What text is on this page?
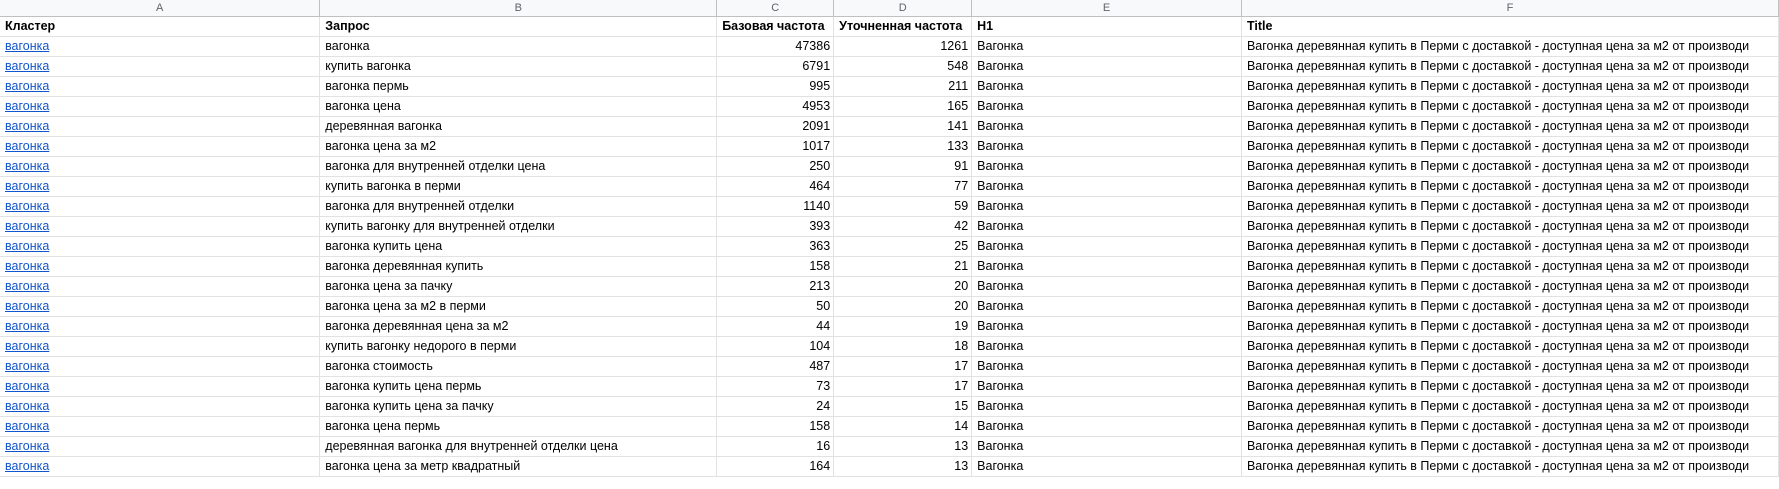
A	B	C	D	E	F
Кластер	Запрос	Базовая частота	Уточненная частота	H1	Title
вагонка	вагонка	47386	1261	Вагонка	Вагонка деревянная купить в Перми с доставкой - доступная цена за м2 от производи
вагонка	купить вагонка	6791	548	Вагонка	Вагонка деревянная купить в Перми с доставкой - доступная цена за м2 от производи
вагонка	вагонка пермь	995	211	Вагонка	Вагонка деревянная купить в Перми с доставкой - доступная цена за м2 от производи
вагонка	вагонка цена	4953	165	Вагонка	Вагонка деревянная купить в Перми с доставкой - доступная цена за м2 от производи
вагонка	деревянная вагонка	2091	141	Вагонка	Вагонка деревянная купить в Перми с доставкой - доступная цена за м2 от производи
вагонка	вагонка цена за м2	1017	133	Вагонка	Вагонка деревянная купить в Перми с доставкой - доступная цена за м2 от производи
вагонка	вагонка для внутренней отделки цена	250	91	Вагонка	Вагонка деревянная купить в Перми с доставкой - доступная цена за м2 от производи
вагонка	купить вагонка в перми	464	77	Вагонка	Вагонка деревянная купить в Перми с доставкой - доступная цена за м2 от производи
вагонка	вагонка для внутренней отделки	1140	59	Вагонка	Вагонка деревянная купить в Перми с доставкой - доступная цена за м2 от производи
вагонка	купить вагонку для внутренней отделки	393	42	Вагонка	Вагонка деревянная купить в Перми с доставкой - доступная цена за м2 от производи
вагонка	вагонка купить цена	363	25	Вагонка	Вагонка деревянная купить в Перми с доставкой - доступная цена за м2 от производи
вагонка	вагонка деревянная купить	158	21	Вагонка	Вагонка деревянная купить в Перми с доставкой - доступная цена за м2 от производи
вагонка	вагонка цена за пачку	213	20	Вагонка	Вагонка деревянная купить в Перми с доставкой - доступная цена за м2 от производи
вагонка	вагонка цена за м2 в перми	50	20	Вагонка	Вагонка деревянная купить в Перми с доставкой - доступная цена за м2 от производи
вагонка	вагонка деревянная цена за м2	44	19	Вагонка	Вагонка деревянная купить в Перми с доставкой - доступная цена за м2 от производи
вагонка	купить вагонку недорого в перми	104	18	Вагонка	Вагонка деревянная купить в Перми с доставкой - доступная цена за м2 от производи
вагонка	вагонка стоимость	487	17	Вагонка	Вагонка деревянная купить в Перми с доставкой - доступная цена за м2 от производи
вагонка	вагонка купить цена пермь	73	17	Вагонка	Вагонка деревянная купить в Перми с доставкой - доступная цена за м2 от производи
вагонка	вагонка купить цена за пачку	24	15	Вагонка	Вагонка деревянная купить в Перми с доставкой - доступная цена за м2 от производи
вагонка	вагонка цена пермь	158	14	Вагонка	Вагонка деревянная купить в Перми с доставкой - доступная цена за м2 от производи
вагонка	деревянная вагонка для внутренней отделки цена	16	13	Вагонка	Вагонка деревянная купить в Перми с доставкой - доступная цена за м2 от производи
вагонка	вагонка цена за метр квадратный	164	13	Вагонка	Вагонка деревянная купить в Перми с доставкой - доступная цена за м2 от производи
